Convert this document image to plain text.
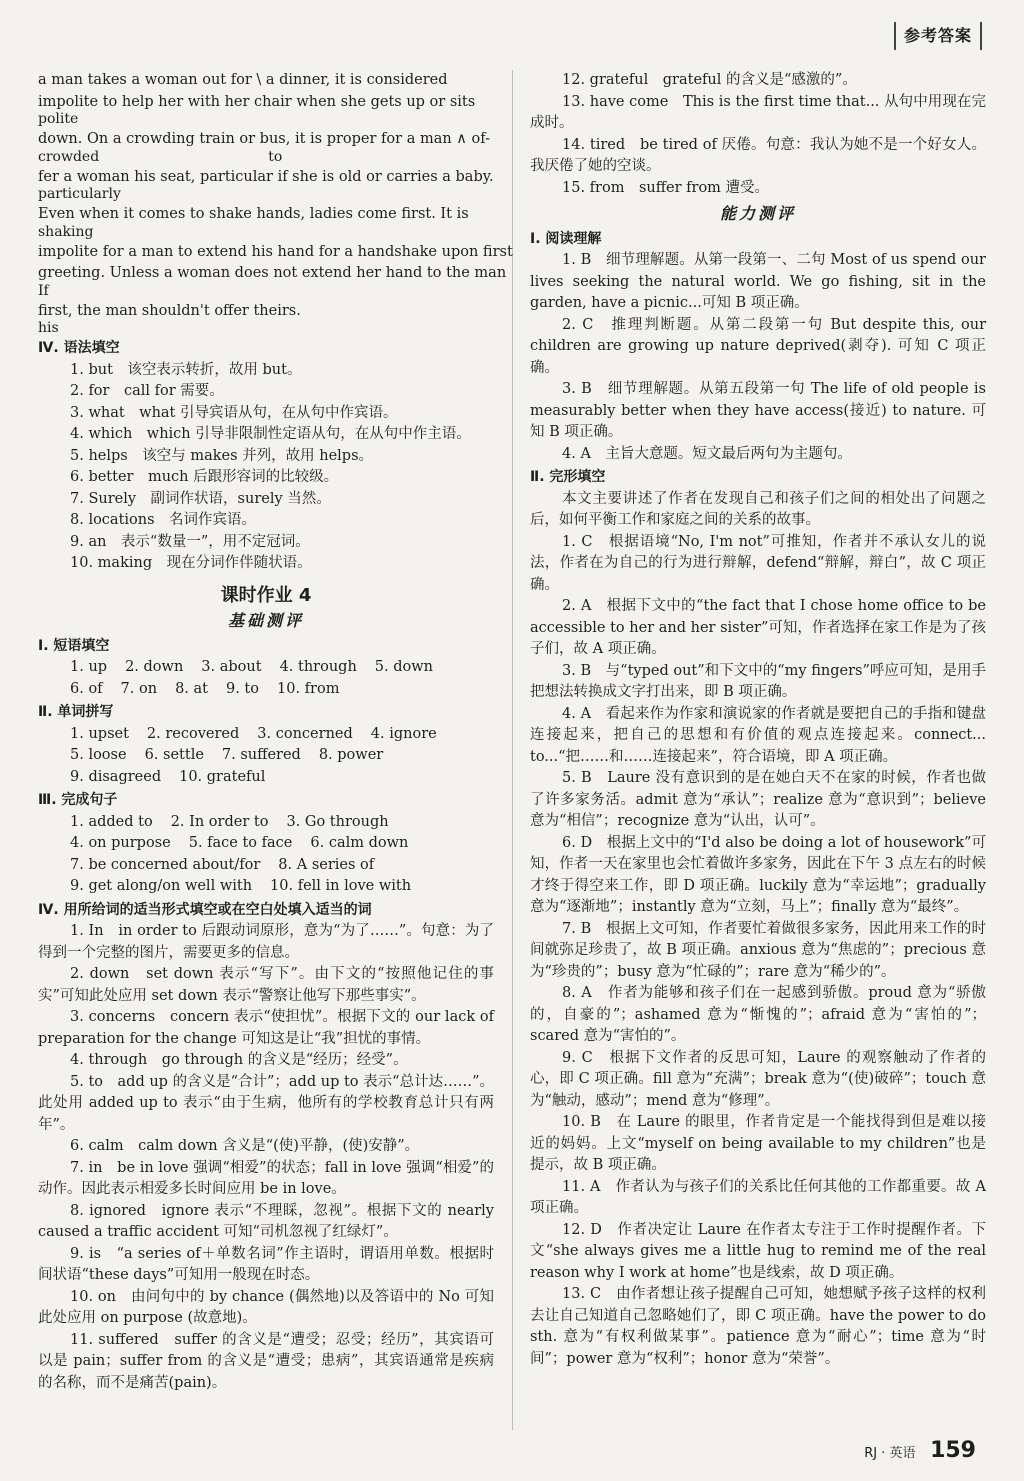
参考答案
a man takes a woman out for \ a dinner, it is considered
impolite to help her with her chair when she gets up or sits
polite
down. On a crowding train or bus, it is proper for a man ∧ of-
crowded                                      to
fer a woman his seat, particular if she is old or carries a baby.
particularly
Even when it comes to shake hands, ladies come first. It is
shaking
impolite for a man to extend his hand for a handshake upon first
greeting. Unless a woman does not extend her hand to the man
If
first, the man shouldn't offer theirs.
his
Ⅳ. 语法填空
1. but　该空表示转折，故用 but。
2. for　call for 需要。
3. what　what 引导宾语从句，在从句中作宾语。
4. which　which 引导非限制性定语从句，在从句中作主语。
5. helps　该空与 makes 并列，故用 helps。
6. better　much 后跟形容词的比较级。
7. Surely　副词作状语，surely 当然。
8. locations　名词作宾语。
9. an　表示“数量一”，用不定冠词。
10. making　现在分词作伴随状语。
课时作业 4
基础测评
Ⅰ. 短语填空
1. up 2. down 3. about 4. through 5. down
6. of 7. on 8. at 9. to 10. from
Ⅱ. 单词拼写
1. upset 2. recovered 3. concerned 4. ignore
5. loose 6. settle 7. suffered 8. power
9. disagreed 10. grateful
Ⅲ. 完成句子
1. added to 2. In order to 3. Go through
4. on purpose 5. face to face 6. calm down
7. be concerned about/for 8. A series of
9. get along/on well with 10. fell in love with
Ⅳ. 用所给词的适当形式填空或在空白处填入适当的词
1. In　in order to 后跟动词原形，意为“为了……”。句意：为了得到一个完整的图片，需要更多的信息。
2. down　set down 表示“写下”。由下文的“按照他记住的事实”可知此处应用 set down 表示“警察让他写下那些事实”。
3. concerns　concern 表示“使担忧”。根据下文的 our lack of preparation for the change 可知这是让“我”担忧的事情。
4. through　go through 的含义是“经历；经受”。
5. to　add up 的含义是“合计”；add up to 表示“总计达……”。此处用 added up to 表示“由于生病，他所有的学校教育总计只有两年”。
6. calm　calm down 含义是“(使)平静，(使)安静”。
7. in　be in love 强调“相爱”的状态；fall in love 强调“相爱”的动作。因此表示相爱多长时间应用 be in love。
8. ignored　ignore 表示“不理睬，忽视”。根据下文的 nearly caused a traffic accident 可知“司机忽视了红绿灯”。
9. is　“a series of＋单数名词”作主语时，谓语用单数。根据时间状语“these days”可知用一般现在时态。
10. on　由问句中的 by chance (偶然地)以及答语中的 No 可知此处应用 on purpose (故意地)。
11. suffered　suffer 的含义是“遭受；忍受；经历”，其宾语可以是 pain；suffer from 的含义是“遭受；患病”，其宾语通常是疾病的名称，而不是痛苦(pain)。
12. grateful　grateful 的含义是“感激的”。
13. have come　This is the first time that... 从句中用现在完成时。
14. tired　be tired of 厌倦。句意：我认为她不是一个好女人。我厌倦了她的空谈。
15. from　suffer from 遭受。
能力测评
Ⅰ. 阅读理解
1. B　细节理解题。从第一段第一、二句 Most of us spend our lives seeking the natural world. We go fishing, sit in the garden, have a picnic...可知 B 项正确。
2. C　推理判断题。从第二段第一句 But despite this, our children are growing up nature deprived(剥夺). 可知 C 项正确。
3. B　细节理解题。从第五段第一句 The life of old people is measurably better when they have access(接近) to nature. 可知 B 项正确。
4. A　主旨大意题。短文最后两句为主题句。
Ⅱ. 完形填空
本文主要讲述了作者在发现自己和孩子们之间的相处出了问题之后，如何平衡工作和家庭之间的关系的故事。
1. C　根据语境“No, I'm not”可推知，作者并不承认女儿的说法，作者在为自己的行为进行辩解，defend“辩解，辩白”，故 C 项正确。
2. A　根据下文中的“the fact that I chose home office to be accessible to her and her sister”可知，作者选择在家工作是为了孩子们，故 A 项正确。
3. B　与“typed out”和下文中的“my fingers”呼应可知，是用手把想法转换成文字打出来，即 B 项正确。
4. A　看起来作为作家和演说家的作者就是要把自己的手指和键盘连接起来，把自己的思想和有价值的观点连接起来。connect... to...“把……和……连接起来”，符合语境，即 A 项正确。
5. B　Laure 没有意识到的是在她白天不在家的时候，作者也做了许多家务活。admit 意为“承认”；realize 意为“意识到”；believe 意为“相信”；recognize 意为“认出，认可”。
6. D　根据上文中的“I'd also be doing a lot of housework”可知，作者一天在家里也会忙着做许多家务，因此在下午 3 点左右的时候才终于得空来工作，即 D 项正确。luckily 意为“幸运地”；gradually 意为“逐渐地”；instantly 意为“立刻，马上”；finally 意为“最终”。
7. B　根据上文可知，作者要忙着做很多家务，因此用来工作的时间就弥足珍贵了，故 B 项正确。anxious 意为“焦虑的”；precious 意为“珍贵的”；busy 意为“忙碌的”；rare 意为“稀少的”。
8. A　作者为能够和孩子们在一起感到骄傲。proud 意为“骄傲的，自豪的”；ashamed 意为“惭愧的”；afraid 意为“害怕的”；scared 意为“害怕的”。
9. C　根据下文作者的反思可知，Laure 的观察触动了作者的心，即 C 项正确。fill 意为“充满”；break 意为“(使)破碎”；touch 意为“触动，感动”；mend 意为“修理”。
10. B　在 Laure 的眼里，作者肯定是一个能找得到但是难以接近的妈妈。上文“myself on being available to my children”也是提示，故 B 项正确。
11. A　作者认为与孩子们的关系比任何其他的工作都重要。故 A 项正确。
12. D　作者决定让 Laure 在作者太专注于工作时提醒作者。下文“she always gives me a little hug to remind me of the real reason why I work at home”也是线索，故 D 项正确。
13. C　由作者想让孩子提醒自己可知，她想赋予孩子这样的权利去让自己知道自己忽略她们了，即 C 项正确。have the power to do sth. 意为“有权利做某事”。patience 意为“耐心”；time 意为“时间”；power 意为“权利”；honor 意为“荣誉”。
RJ · 英语 159
